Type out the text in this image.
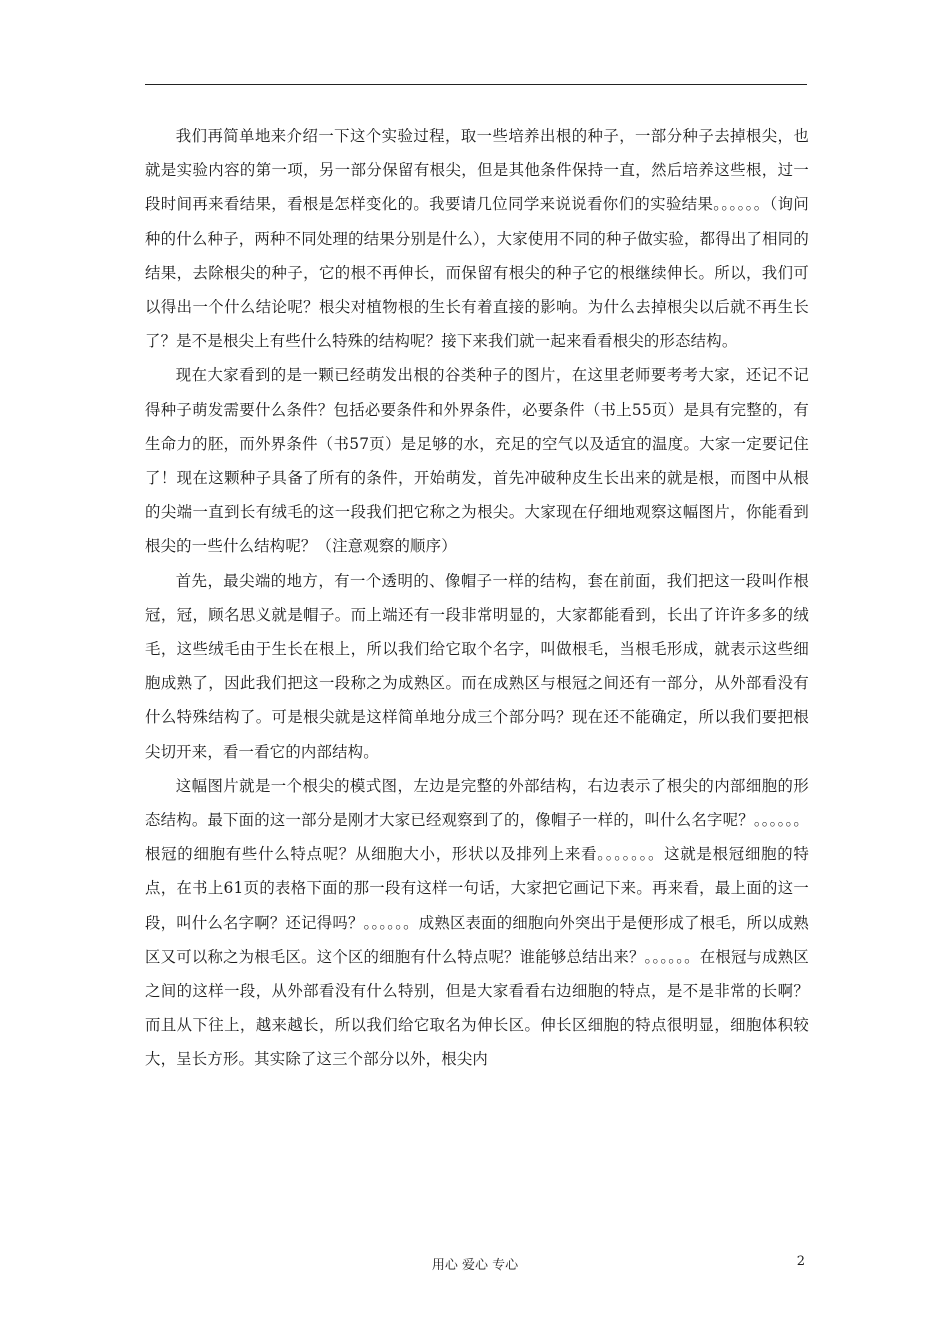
我们再简单地来介绍一下这个实验过程，取一些培养出根的种子，一部分种子去掉根尖，也就是实验内容的第一项，另一部分保留有根尖，但是其他条件保持一直，然后培养这些根，过一段时间再来看结果，看根是怎样变化的。我要请几位同学来说说看你们的实验结果。。。。。。（询问种的什么种子，两种不同处理的结果分别是什么），大家使用不同的种子做实验，都得出了相同的结果，去除根尖的种子，它的根不再伸长，而保留有根尖的种子它的根继续伸长。所以，我们可以得出一个什么结论呢？根尖对植物根的生长有着直接的影响。为什么去掉根尖以后就不再生长了？是不是根尖上有些什么特殊的结构呢？接下来我们就一起来看看根尖的形态结构。

现在大家看到的是一颗已经萌发出根的谷类种子的图片，在这里老师要考考大家，还记不记得种子萌发需要什么条件？包括必要条件和外界条件，必要条件（书上55页）是具有完整的，有生命力的胚，而外界条件（书57页）是足够的水，充足的空气以及适宜的温度。大家一定要记住了！现在这颗种子具备了所有的条件，开始萌发，首先冲破种皮生长出来的就是根，而图中从根的尖端一直到长有绒毛的这一段我们把它称之为根尖。大家现在仔细地观察这幅图片，你能看到根尖的一些什么结构呢？（注意观察的顺序）

首先，最尖端的地方，有一个透明的、像帽子一样的结构，套在前面，我们把这一段叫作根冠，冠，顾名思义就是帽子。而上端还有一段非常明显的，大家都能看到，长出了许许多多的绒毛，这些绒毛由于生长在根上，所以我们给它取个名字，叫做根毛，当根毛形成，就表示这些细胞成熟了，因此我们把这一段称之为成熟区。而在成熟区与根冠之间还有一部分，从外部看没有什么特殊结构了。可是根尖就是这样简单地分成三个部分吗？现在还不能确定，所以我们要把根尖切开来，看一看它的内部结构。

这幅图片就是一个根尖的模式图，左边是完整的外部结构，右边表示了根尖的内部细胞的形态结构。最下面的这一部分是刚才大家已经观察到了的，像帽子一样的，叫什么名字呢？。。。。。。根冠的细胞有些什么特点呢？从细胞大小，形状以及排列上来看。。。。。。。这就是根冠细胞的特点，在书上61页的表格下面的那一段有这样一句话，大家把它画记下来。再来看，最上面的这一段，叫什么名字啊？还记得吗？。。。。。。成熟区表面的细胞向外突出于是便形成了根毛，所以成熟区又可以称之为根毛区。这个区的细胞有什么特点呢？谁能够总结出来？。。。。。。在根冠与成熟区之间的这样一段，从外部看没有什么特别，但是大家看看右边细胞的特点，是不是非常的长啊？而且从下往上，越来越长，所以我们给它取名为伸长区。伸长区细胞的特点很明显，细胞体积较大，呈长方形。其实除了这三个部分以外，根尖内

用心 爱心 专心	2
